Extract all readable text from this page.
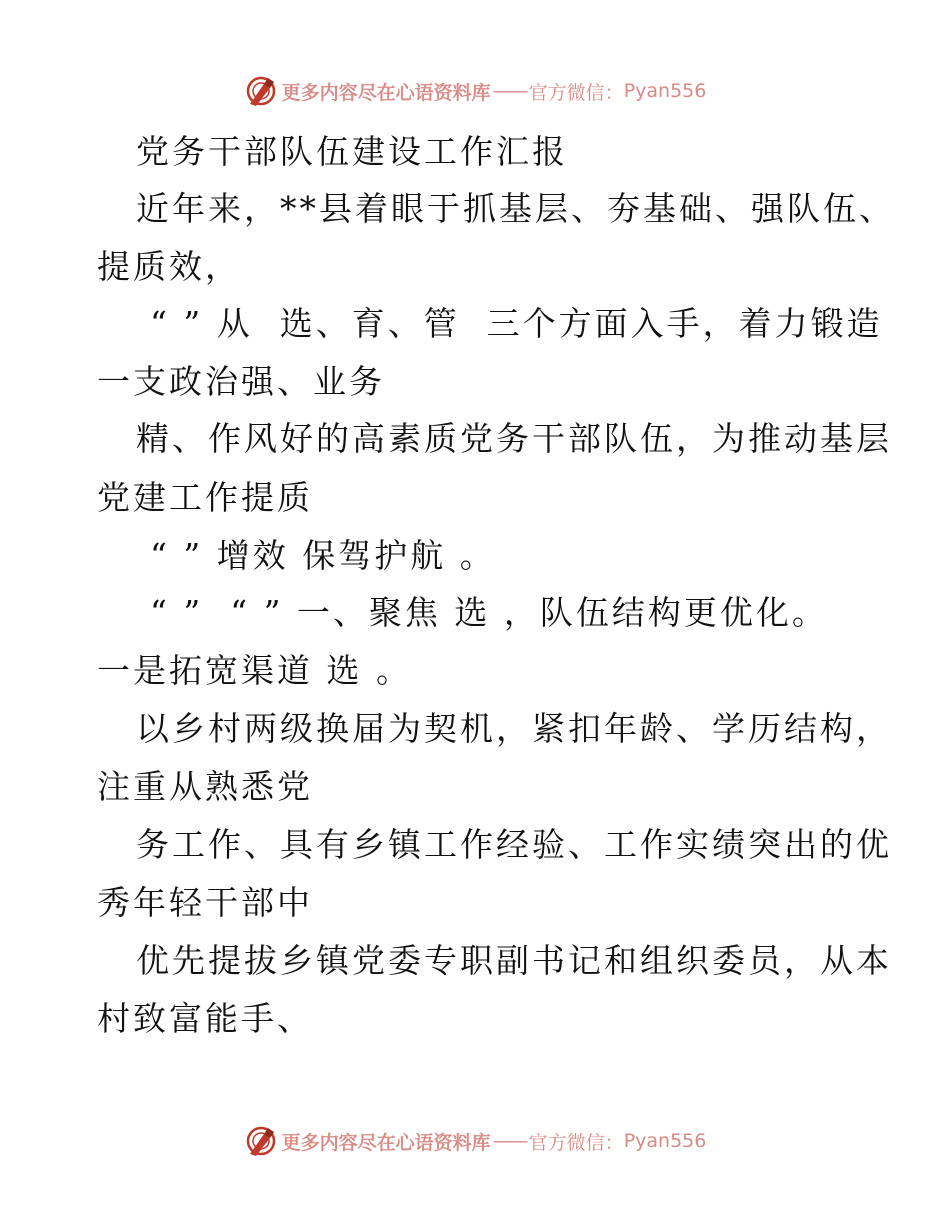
更多内容尽在心语资料库 —— 官方微信： Pyan556
党务干部队伍建设工作汇报
近年来，**县着眼于抓基层、夯基础、强队伍、
提质效，
“ ” 从  选、育、管  三个方面入手，着力锻造
一支政治强、业务
精、作风好的高素质党务干部队伍，为推动基层
党建工作提质
“ ” 增效 保驾护航 。
“ ”  “ ” 一、聚焦 选 ，队伍结构更优化。
一是拓宽渠道 选 。
以乡村两级换届为契机，紧扣年龄、学历结构，
注重从熟悉党
务工作、具有乡镇工作经验、工作实绩突出的优
秀年轻干部中
优先提拔乡镇党委专职副书记和组织委员，从本
村致富能手、
更多内容尽在心语资料库 —— 官方微信： Pyan556
